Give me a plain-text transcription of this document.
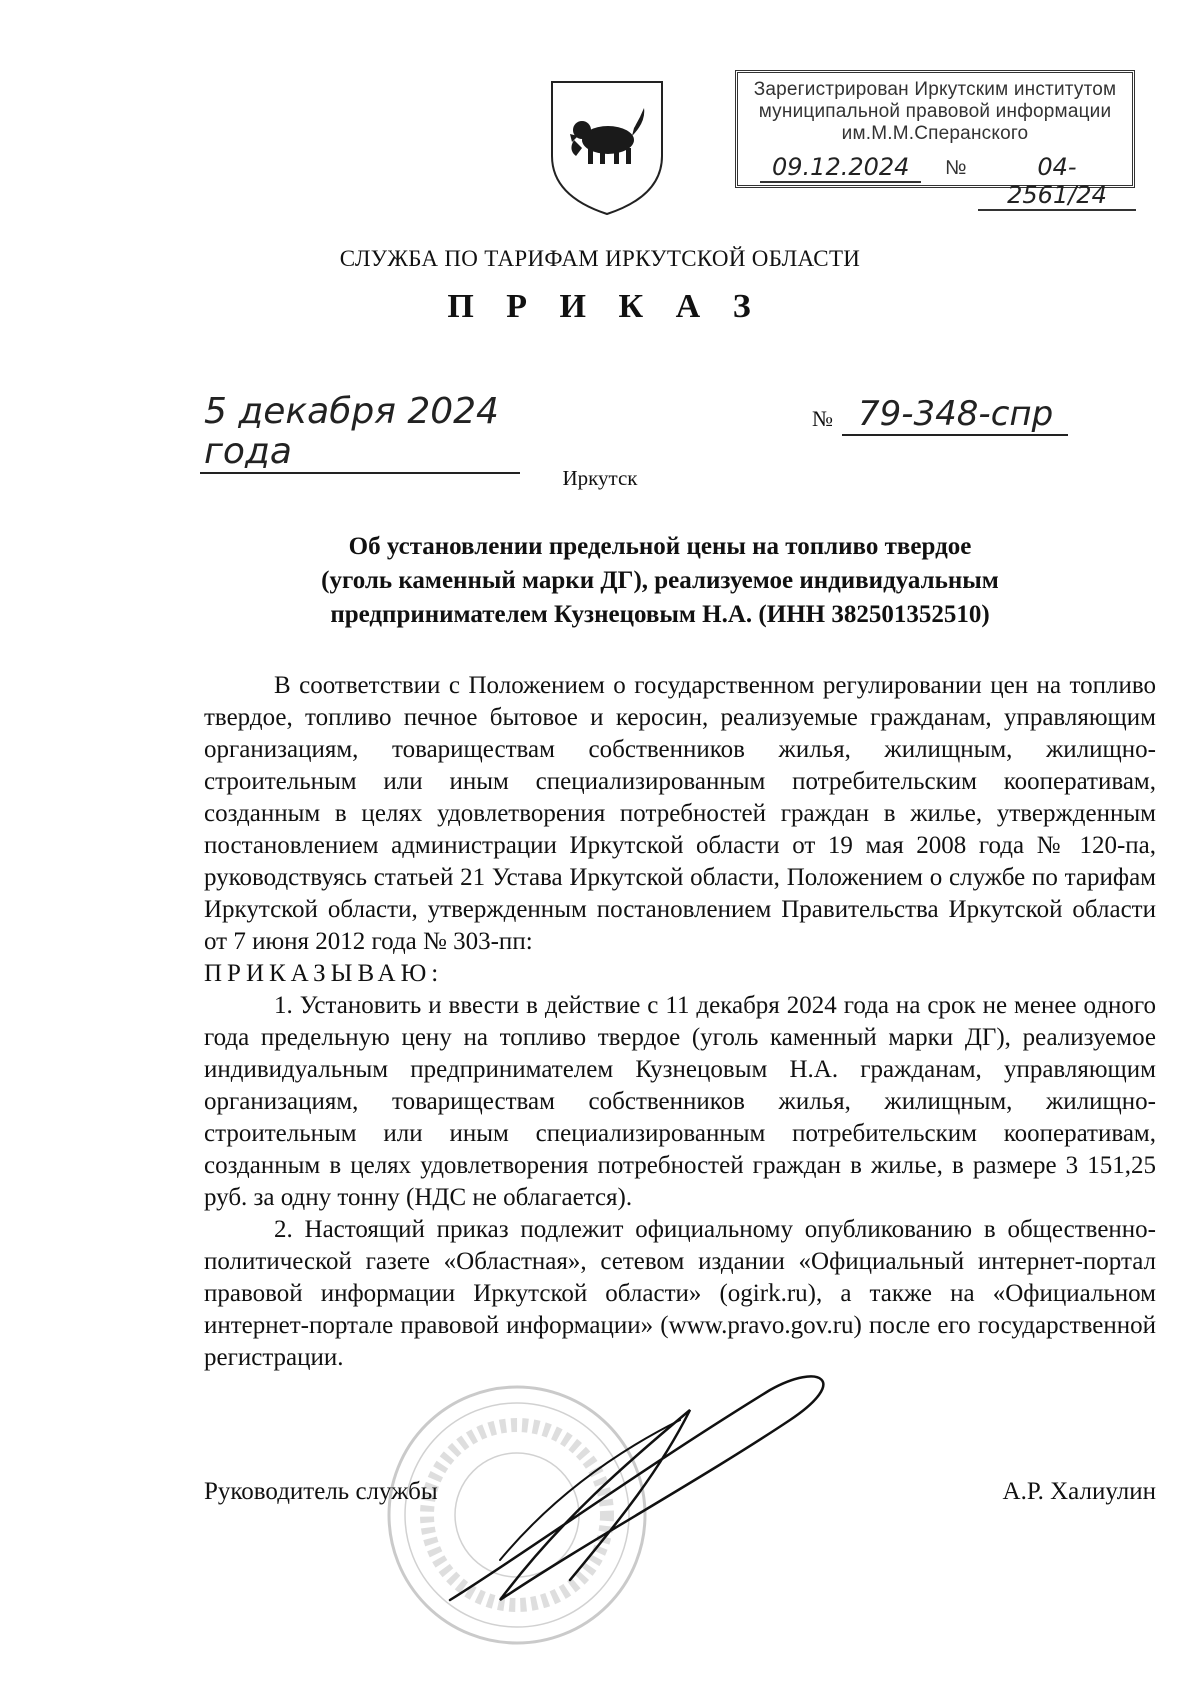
Зарегистрирован Иркутским институтом
муниципальной правовой информации
им.М.М.Сперанского
09.12.2024	№	04-2561/24
СЛУЖБА ПО ТАРИФАМ ИРКУТСКОЙ ОБЛАСТИ
П Р И К А З
5 декабря 2024 года
№ 79-348-спр
Иркутск
Об установлении предельной цены на топливо твердое
(уголь каменный марки ДГ), реализуемое индивидуальным
предпринимателем Кузнецовым Н.А. (ИНН 382501352510)

В соответствии с Положением о государственном регулировании цен на топливо твердое, топливо печное бытовое и керосин, реализуемые гражданам, управляющим организациям, товариществам собственников жилья, жилищным, жилищно-строительным или иным специализированным потребительским кооперативам, созданным в целях удовлетворения потребностей граждан в жилье, утвержденным постановлением администрации Иркутской области от 19 мая 2008 года № 120-па, руководствуясь статьей 21 Устава Иркутской области, Положением о службе по тарифам Иркутской области, утвержденным постановлением Правительства Иркутской области от 7 июня 2012 года № 303-пп:

ПРИКАЗЫВАЮ:

1. Установить и ввести в действие с 11 декабря 2024 года на срок не менее одного года предельную цену на топливо твердое (уголь каменный марки ДГ), реализуемое индивидуальным предпринимателем Кузнецовым Н.А. гражданам, управляющим организациям, товариществам собственников жилья, жилищным, жилищно-строительным или иным специализированным потребительским кооперативам, созданным в целях удовлетворения потребностей граждан в жилье, в размере 3 151,25 руб. за одну тонну (НДС не облагается).

2. Настоящий приказ подлежит официальному опубликованию в общественно-политической газете «Областная», сетевом издании «Официальный интернет-портал правовой информации Иркутской области» (ogirk.ru), а также на «Официальном интернет-портале правовой информации» (www.pravo.gov.ru) после его государственной регистрации.

Руководитель службы	А.Р. Халиулин
